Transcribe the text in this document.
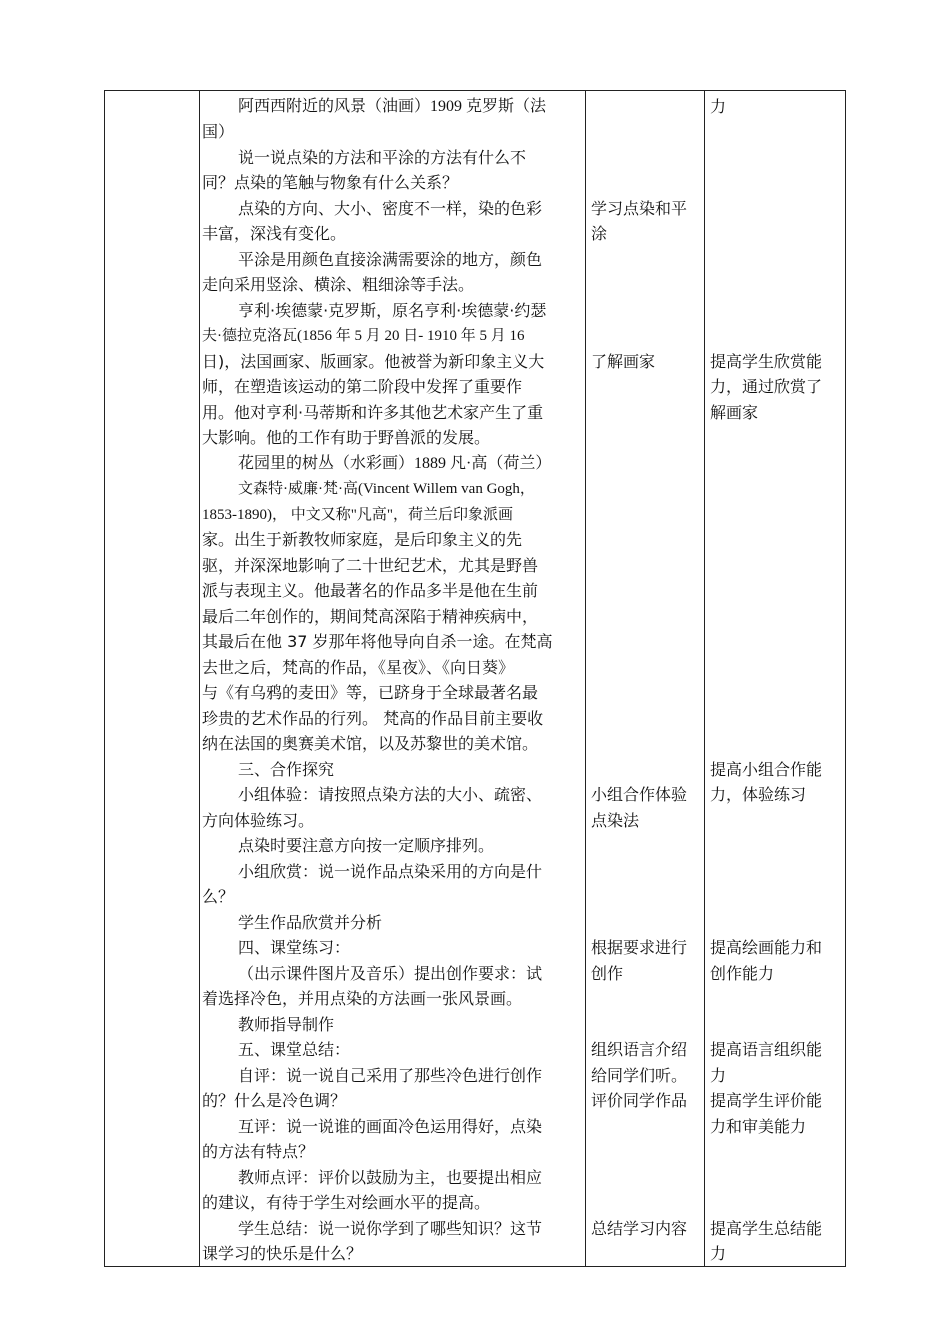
阿西西附近的风景（油画）1909 克罗斯（法
国）
说一说点染的方法和平涂的方法有什么不
同？点染的笔触与物象有什么关系？
点染的方向、大小、密度不一样，染的色彩
丰富，深浅有变化。
平涂是用颜色直接涂满需要涂的地方，颜色
走向采用竖涂、横涂、粗细涂等手法。
亨利·埃德蒙·克罗斯，原名亨利·埃德蒙·约瑟
夫·德拉克洛瓦(1856 年 5 月 20 日- 1910 年 5 月 16
日)，法国画家、版画家。他被誉为新印象主义大
师，在塑造该运动的第二阶段中发挥了重要作
用。他对亨利·马蒂斯和许多其他艺术家产生了重
大影响。他的工作有助于野兽派的发展。
花园里的树丛（水彩画）1889 凡·高（荷兰）
文森特·威廉·梵·高(Vincent Willem van Gogh，
1853-1890)， 中文又称"凡高"，荷兰后印象派画
家。出生于新教牧师家庭，是后印象主义的先
驱，并深深地影响了二十世纪艺术，尤其是野兽
派与表现主义。他最著名的作品多半是他在生前
最后二年创作的，期间梵高深陷于精神疾病中，
其最后在他 37 岁那年将他导向自杀一途。在梵高
去世之后，梵高的作品，《星夜》、《向日葵》
与《有乌鸦的麦田》等，已跻身于全球最著名最
珍贵的艺术作品的行列。 梵高的作品目前主要收
纳在法国的奥赛美术馆，以及苏黎世的美术馆。
三、合作探究
小组体验：请按照点染方法的大小、疏密、
方向体验练习。
点染时要注意方向按一定顺序排列。
小组欣赏：说一说作品点染采用的方向是什
么？
学生作品欣赏并分析
四、课堂练习：
（出示课件图片及音乐）提出创作要求：试
着选择冷色，并用点染的方法画一张风景画。
教师指导制作
五、课堂总结：
自评：说一说自己采用了那些冷色进行创作
的？什么是冷色调？
互评：说一说谁的画面冷色运用得好，点染
的方法有特点？
教师点评：评价以鼓励为主，也要提出相应
的建议，有待于学生对绘画水平的提高。
学生总结：说一说你学到了哪些知识？这节
课学习的快乐是什么？
学习点染和平
涂
了解画家
小组合作体验
点染法
根据要求进行
创作
组织语言介绍
给同学们听。
评价同学作品
总结学习内容
力
提高学生欣赏能
力，通过欣赏了
解画家
提高小组合作能
力，体验练习
提高绘画能力和
创作能力
提高语言组织能
力
提高学生评价能
力和审美能力
提高学生总结能
力
